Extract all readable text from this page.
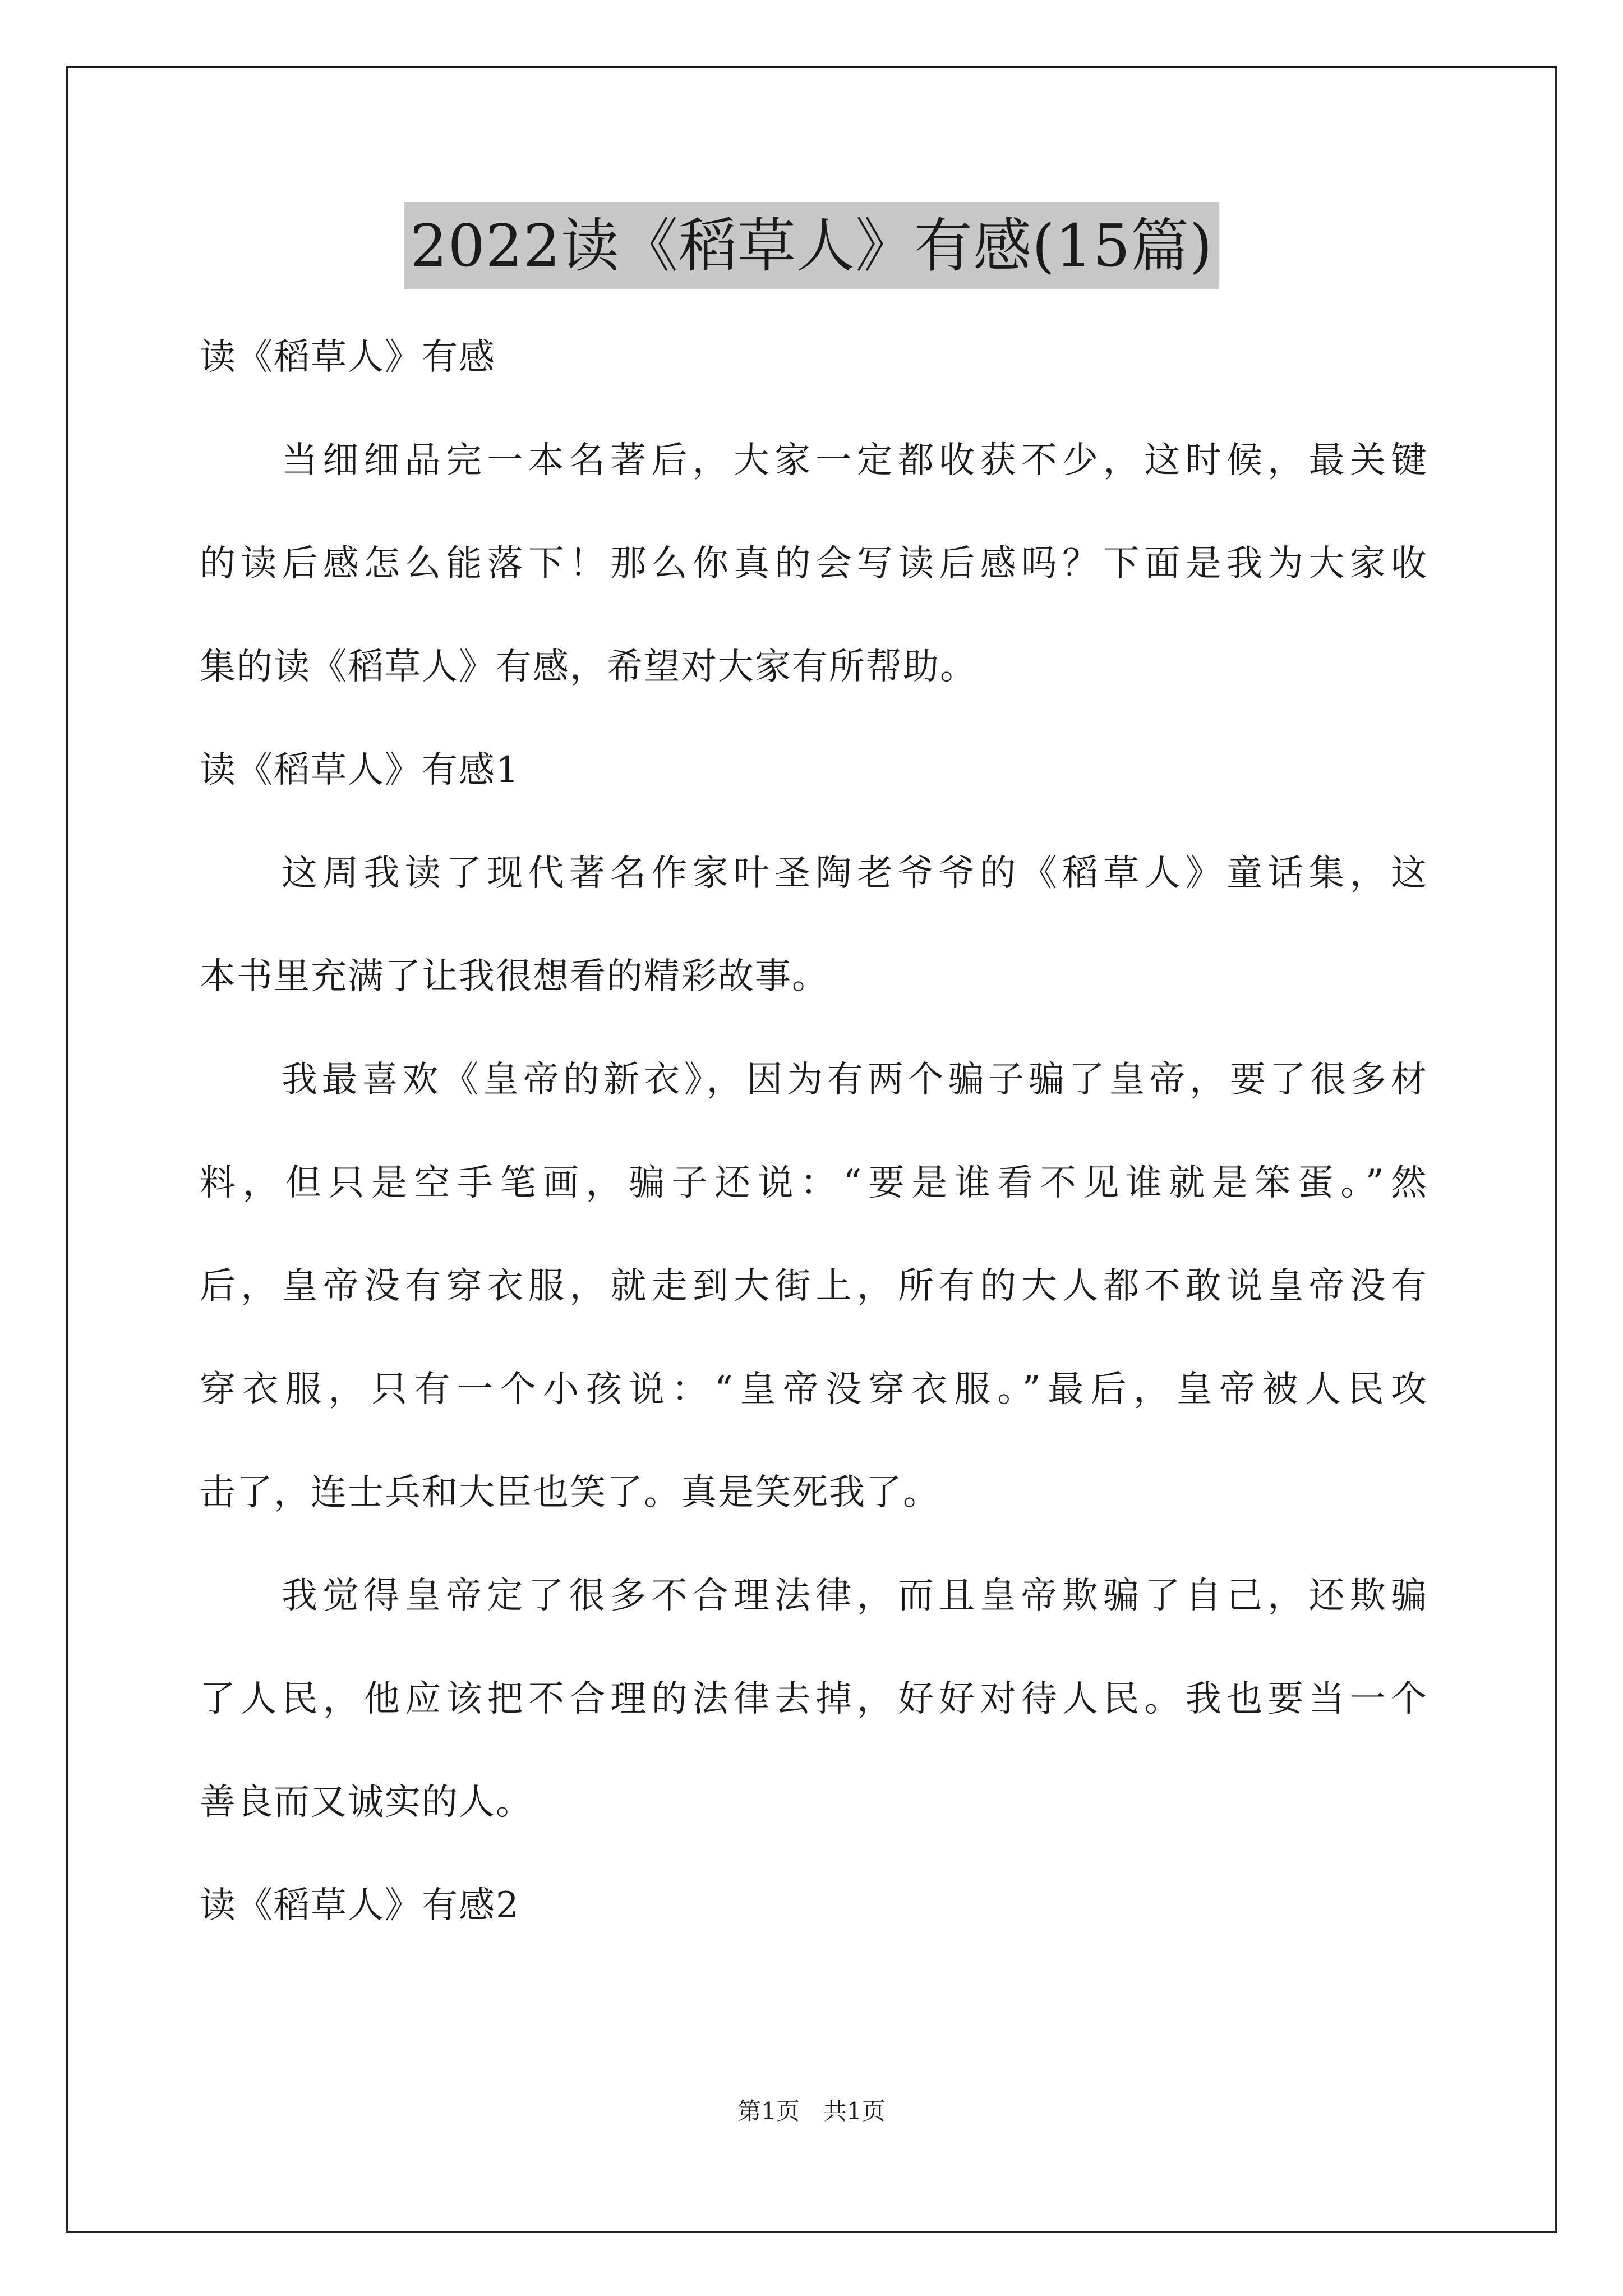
2022读《稻草人》有感(15篇)
读《稻草人》有感
当细细品完一本名著后，大家一定都收获不少，这时候，最关键
的读后感怎么能落下！那么你真的会写读后感吗？下面是我为大家收
集的读《稻草人》有感，希望对大家有所帮助。
读《稻草人》有感1
这周我读了现代著名作家叶圣陶老爷爷的《稻草人》童话集，这
本书里充满了让我很想看的精彩故事。
我最喜欢《皇帝的新衣》，因为有两个骗子骗了皇帝，要了很多材
料，但只是空手笔画，骗子还说：“要是谁看不见谁就是笨蛋。”然
后，皇帝没有穿衣服，就走到大街上，所有的大人都不敢说皇帝没有
穿衣服，只有一个小孩说：“皇帝没穿衣服。”最后，皇帝被人民攻
击了，连士兵和大臣也笑了。真是笑死我了。
我觉得皇帝定了很多不合理法律，而且皇帝欺骗了自己，还欺骗
了人民，他应该把不合理的法律去掉，好好对待人民。我也要当一个
善良而又诚实的人。
读《稻草人》有感2
第1页　共1页
